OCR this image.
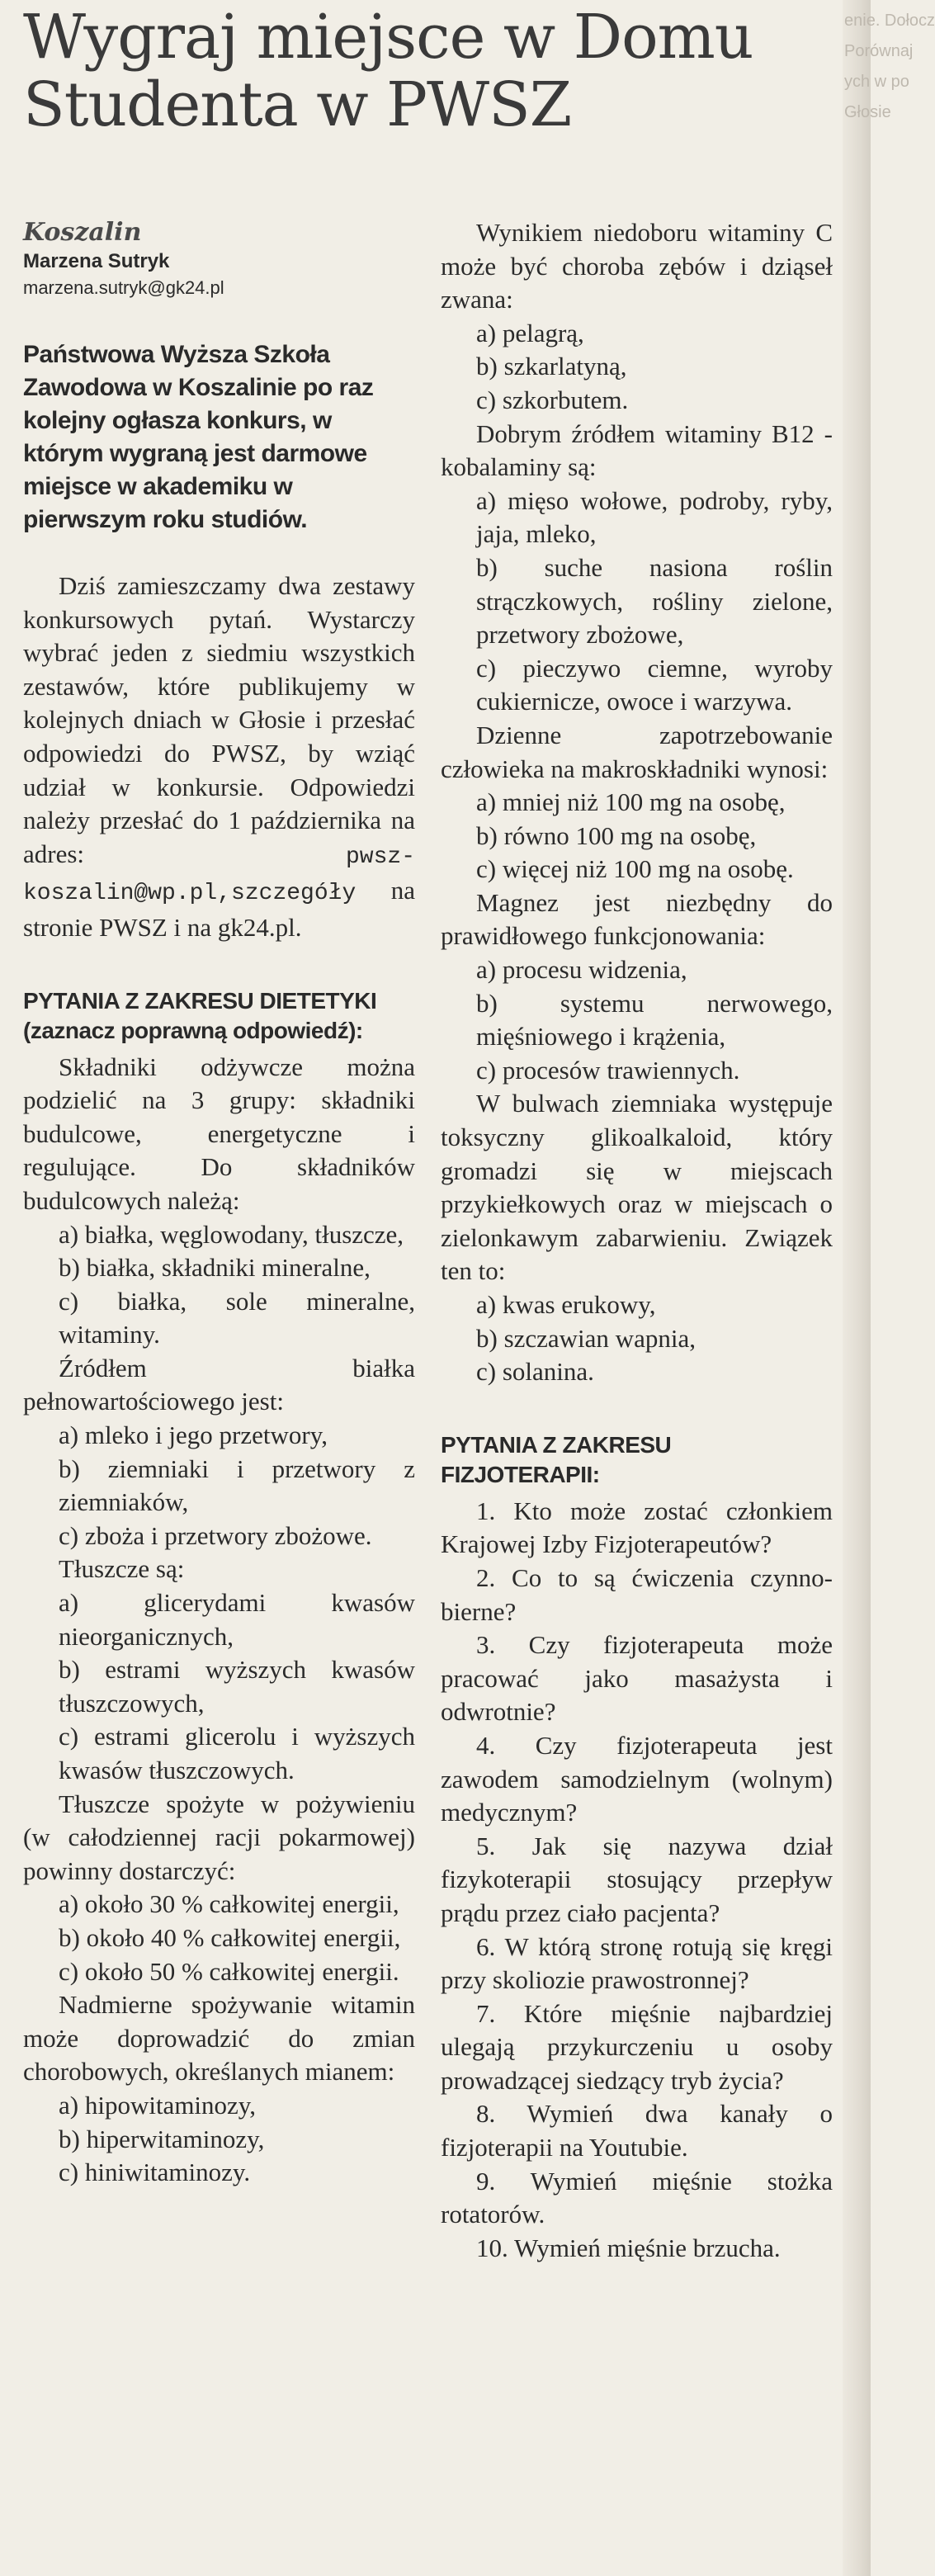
enie. Dołocz
Porównaj
ych w po
Głosie
Wygraj miejsce w Domu Studenta w PWSZ

Koszalin

Marzena Sutryk

marzena.sutryk@gk24.pl

Państwowa Wyższa Szkoła Zawodowa w Koszalinie po raz kolejny ogłasza konkurs, w którym wygraną jest darmowe miejsce w akademiku w pierwszym roku studiów.

Dziś zamieszczamy dwa zestawy konkursowych pytań. Wystarczy wybrać jeden z siedmiu wszystkich zestawów, które publikujemy w kolejnych dniach w Głosie i przesłać odpowiedzi do PWSZ, by wziąć udział w konkursie. Odpowiedzi należy przesłać do 1 października na adres: pwsz-koszalin@wp.pl,szczegóły na stronie PWSZ i na gk24.pl.

PYTANIA Z ZAKRESU DIETETYKI (zaznacz poprawną odpowiedź):

Składniki odżywcze można podzielić na 3 grupy: składniki budulcowe, energetyczne i regulujące. Do składników budulcowych należą:

a) białka, węglowodany, tłuszcze,

b) białka, składniki mineralne,

c) białka, sole mineralne, witaminy.

Źródłem białka pełnowartościowego jest:

a) mleko i jego przetwory,

b) ziemniaki i przetwory z ziemniaków,

c) zboża i przetwory zbożowe.

Tłuszcze są:

a) glicerydami kwasów nieorganicznych,

b) estrami wyższych kwasów tłuszczowych,

c) estrami glicerolu i wyższych kwasów tłuszczowych.

Tłuszcze spożyte w pożywieniu (w całodziennej racji pokarmowej) powinny dostarczyć:

a) około 30 % całkowitej energii,

b) około 40 % całkowitej energii,

c) około 50 % całkowitej energii.

Nadmierne spożywanie witamin może doprowadzić do zmian chorobowych, określanych mianem:

a) hipowitaminozy,

b) hiperwitaminozy,

c) hiniwitaminozy.

Wynikiem niedoboru witaminy C może być choroba zębów i dziąseł zwana:

a) pelagrą,

b) szkarlatyną,

c) szkorbutem.

Dobrym źródłem witaminy B12 - kobalaminy są:

a) mięso wołowe, podroby, ryby, jaja, mleko,

b) suche nasiona roślin strączkowych, rośliny zielone, przetwory zbożowe,

c) pieczywo ciemne, wyroby cukiernicze, owoce i warzywa.

Dzienne zapotrzebowanie człowieka na makroskładniki wynosi:

a) mniej niż 100 mg na osobę,

b) równo 100 mg na osobę,

c) więcej niż 100 mg na osobę.

Magnez jest niezbędny do prawidłowego funkcjonowania:

a) procesu widzenia,

b) systemu nerwowego, mięśniowego i krążenia,

c) procesów trawiennych.

W bulwach ziemniaka występuje toksyczny glikoalkaloid, który gromadzi się w miejscach przykiełkowych oraz w miejscach o zielonkawym zabarwieniu. Związek ten to:

a) kwas erukowy,

b) szczawian wapnia,

c) solanina.

PYTANIA Z ZAKRESU FIZJOTERAPII:

1. Kto może zostać członkiem Krajowej Izby Fizjoterapeutów?

2. Co to są ćwiczenia czynno-bierne?

3. Czy fizjoterapeuta może pracować jako masażysta i odwrotnie?

4. Czy fizjoterapeuta jest zawodem samodzielnym (wolnym) medycznym?

5. Jak się nazywa dział fizykoterapii stosujący przepływ prądu przez ciało pacjenta?

6. W którą stronę rotują się kręgi przy skoliozie prawostronnej?

7. Które mięśnie najbardziej ulegają przykurczeniu u osoby prowadzącej siedzący tryb życia?

8. Wymień dwa kanały o fizjoterapii na Youtubie.

9. Wymień mięśnie stożka rotatorów.

10. Wymień mięśnie brzucha.
